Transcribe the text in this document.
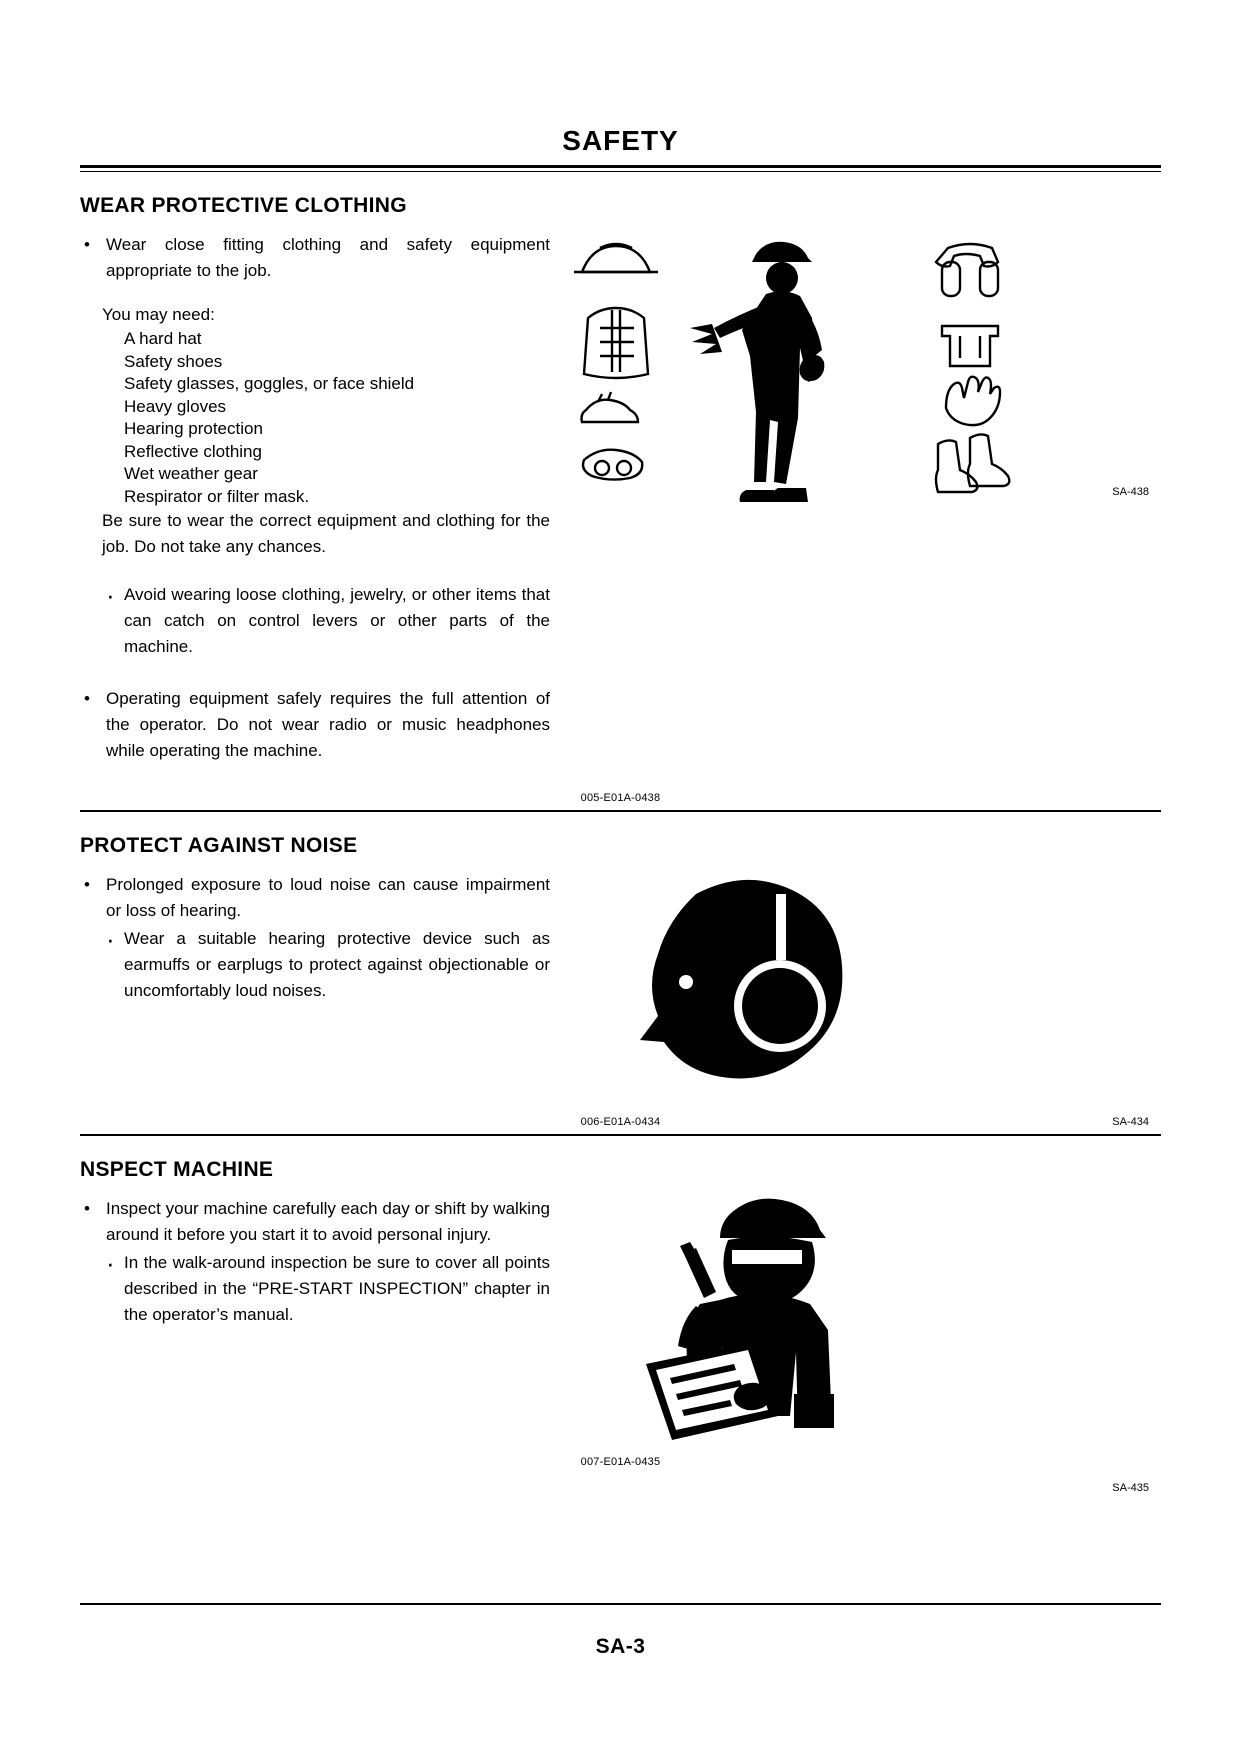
SAFETY
WEAR PROTECTIVE CLOTHING
• Wear close fitting clothing and safety equipment appropriate to the job.
You may need:
A hard hat
Safety shoes
Safety glasses, goggles, or face shield
Heavy gloves
Hearing protection
Reflective clothing
Wet weather gear
Respirator or filter mask.
Be sure to wear the correct equipment and clothing for the job. Do not take any chances.
·
Avoid wearing loose clothing, jewelry, or other items that can catch on control levers or other parts of the machine.
• Operating equipment safely requires the full attention of the operator. Do not wear radio or music headphones while operating the machine.
SA-438
005-E01A-0438
PROTECT AGAINST NOISE
• Prolonged exposure to loud noise can cause impairment or loss of hearing.
·
Wear a suitable hearing protective device such as earmuffs or earplugs to protect against objectionable or uncomfortably loud noises.
006-E01A-0434	SA-434
NSPECT MACHINE
• Inspect your machine carefully each day or shift by walking around it before you start it to avoid personal injury.
·
In the walk-around inspection be sure to cover all points described in the “PRE-START INSPECTION” chapter in the operator’s manual.
007-E01A-0435
SA-435
SA-3
